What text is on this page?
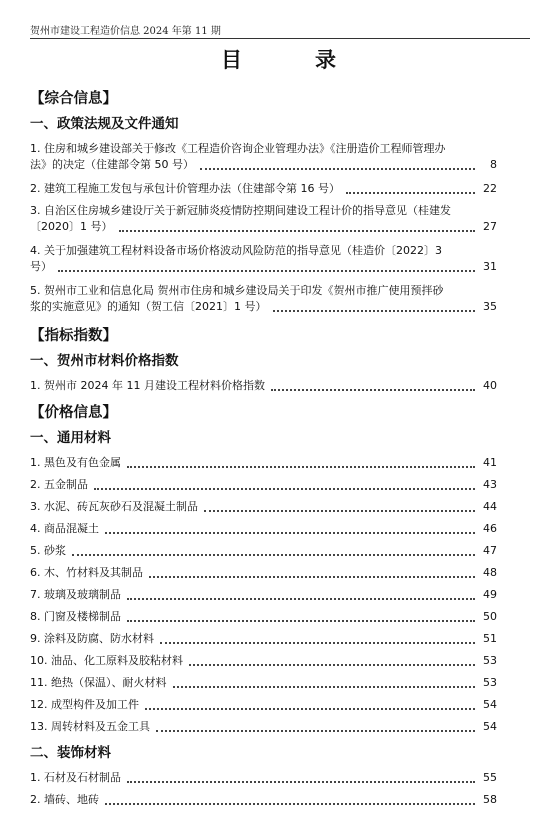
贺州市建设工程造价信息 2024 年第 11 期
目　录
【综合信息】
一、政策法规及文件通知
1. 住房和城乡建设部关于修改《工程造价咨询企业管理办法》《注册造价工程师管理办
法》的决定（住建部令第 50 号）	8
2. 建筑工程施工发包与承包计价管理办法（住建部令第 16 号）	22
3. 自治区住房城乡建设厅关于新冠肺炎疫情防控期间建设工程计价的指导意见（桂建发
〔2020〕1 号）	27
4. 关于加强建筑工程材料设备市场价格波动风险防范的指导意见（桂造价〔2022〕3
号）	31
5. 贺州市工业和信息化局 贺州市住房和城乡建设局关于印发《贺州市推广使用预拌砂
浆的实施意见》的通知（贺工信〔2021〕1 号）	35
【指标指数】
一、贺州市材料价格指数
1. 贺州市 2024 年 11 月建设工程材料价格指数	40
【价格信息】
一、通用材料
1. 黑色及有色金属	41
2. 五金制品	43
3. 水泥、砖瓦灰砂石及混凝土制品	44
4. 商品混凝土	46
5. 砂浆	47
6. 木、竹材料及其制品	48
7. 玻璃及玻璃制品	49
8. 门窗及楼梯制品	50
9. 涂料及防腐、防水材料	51
10. 油品、化工原料及胶粘材料	53
11. 绝热（保温）、耐火材料	53
12. 成型构件及加工件	54
13. 周转材料及五金工具	54
二、装饰材料
1. 石材及石材制品	55
2. 墙砖、地砖	58
